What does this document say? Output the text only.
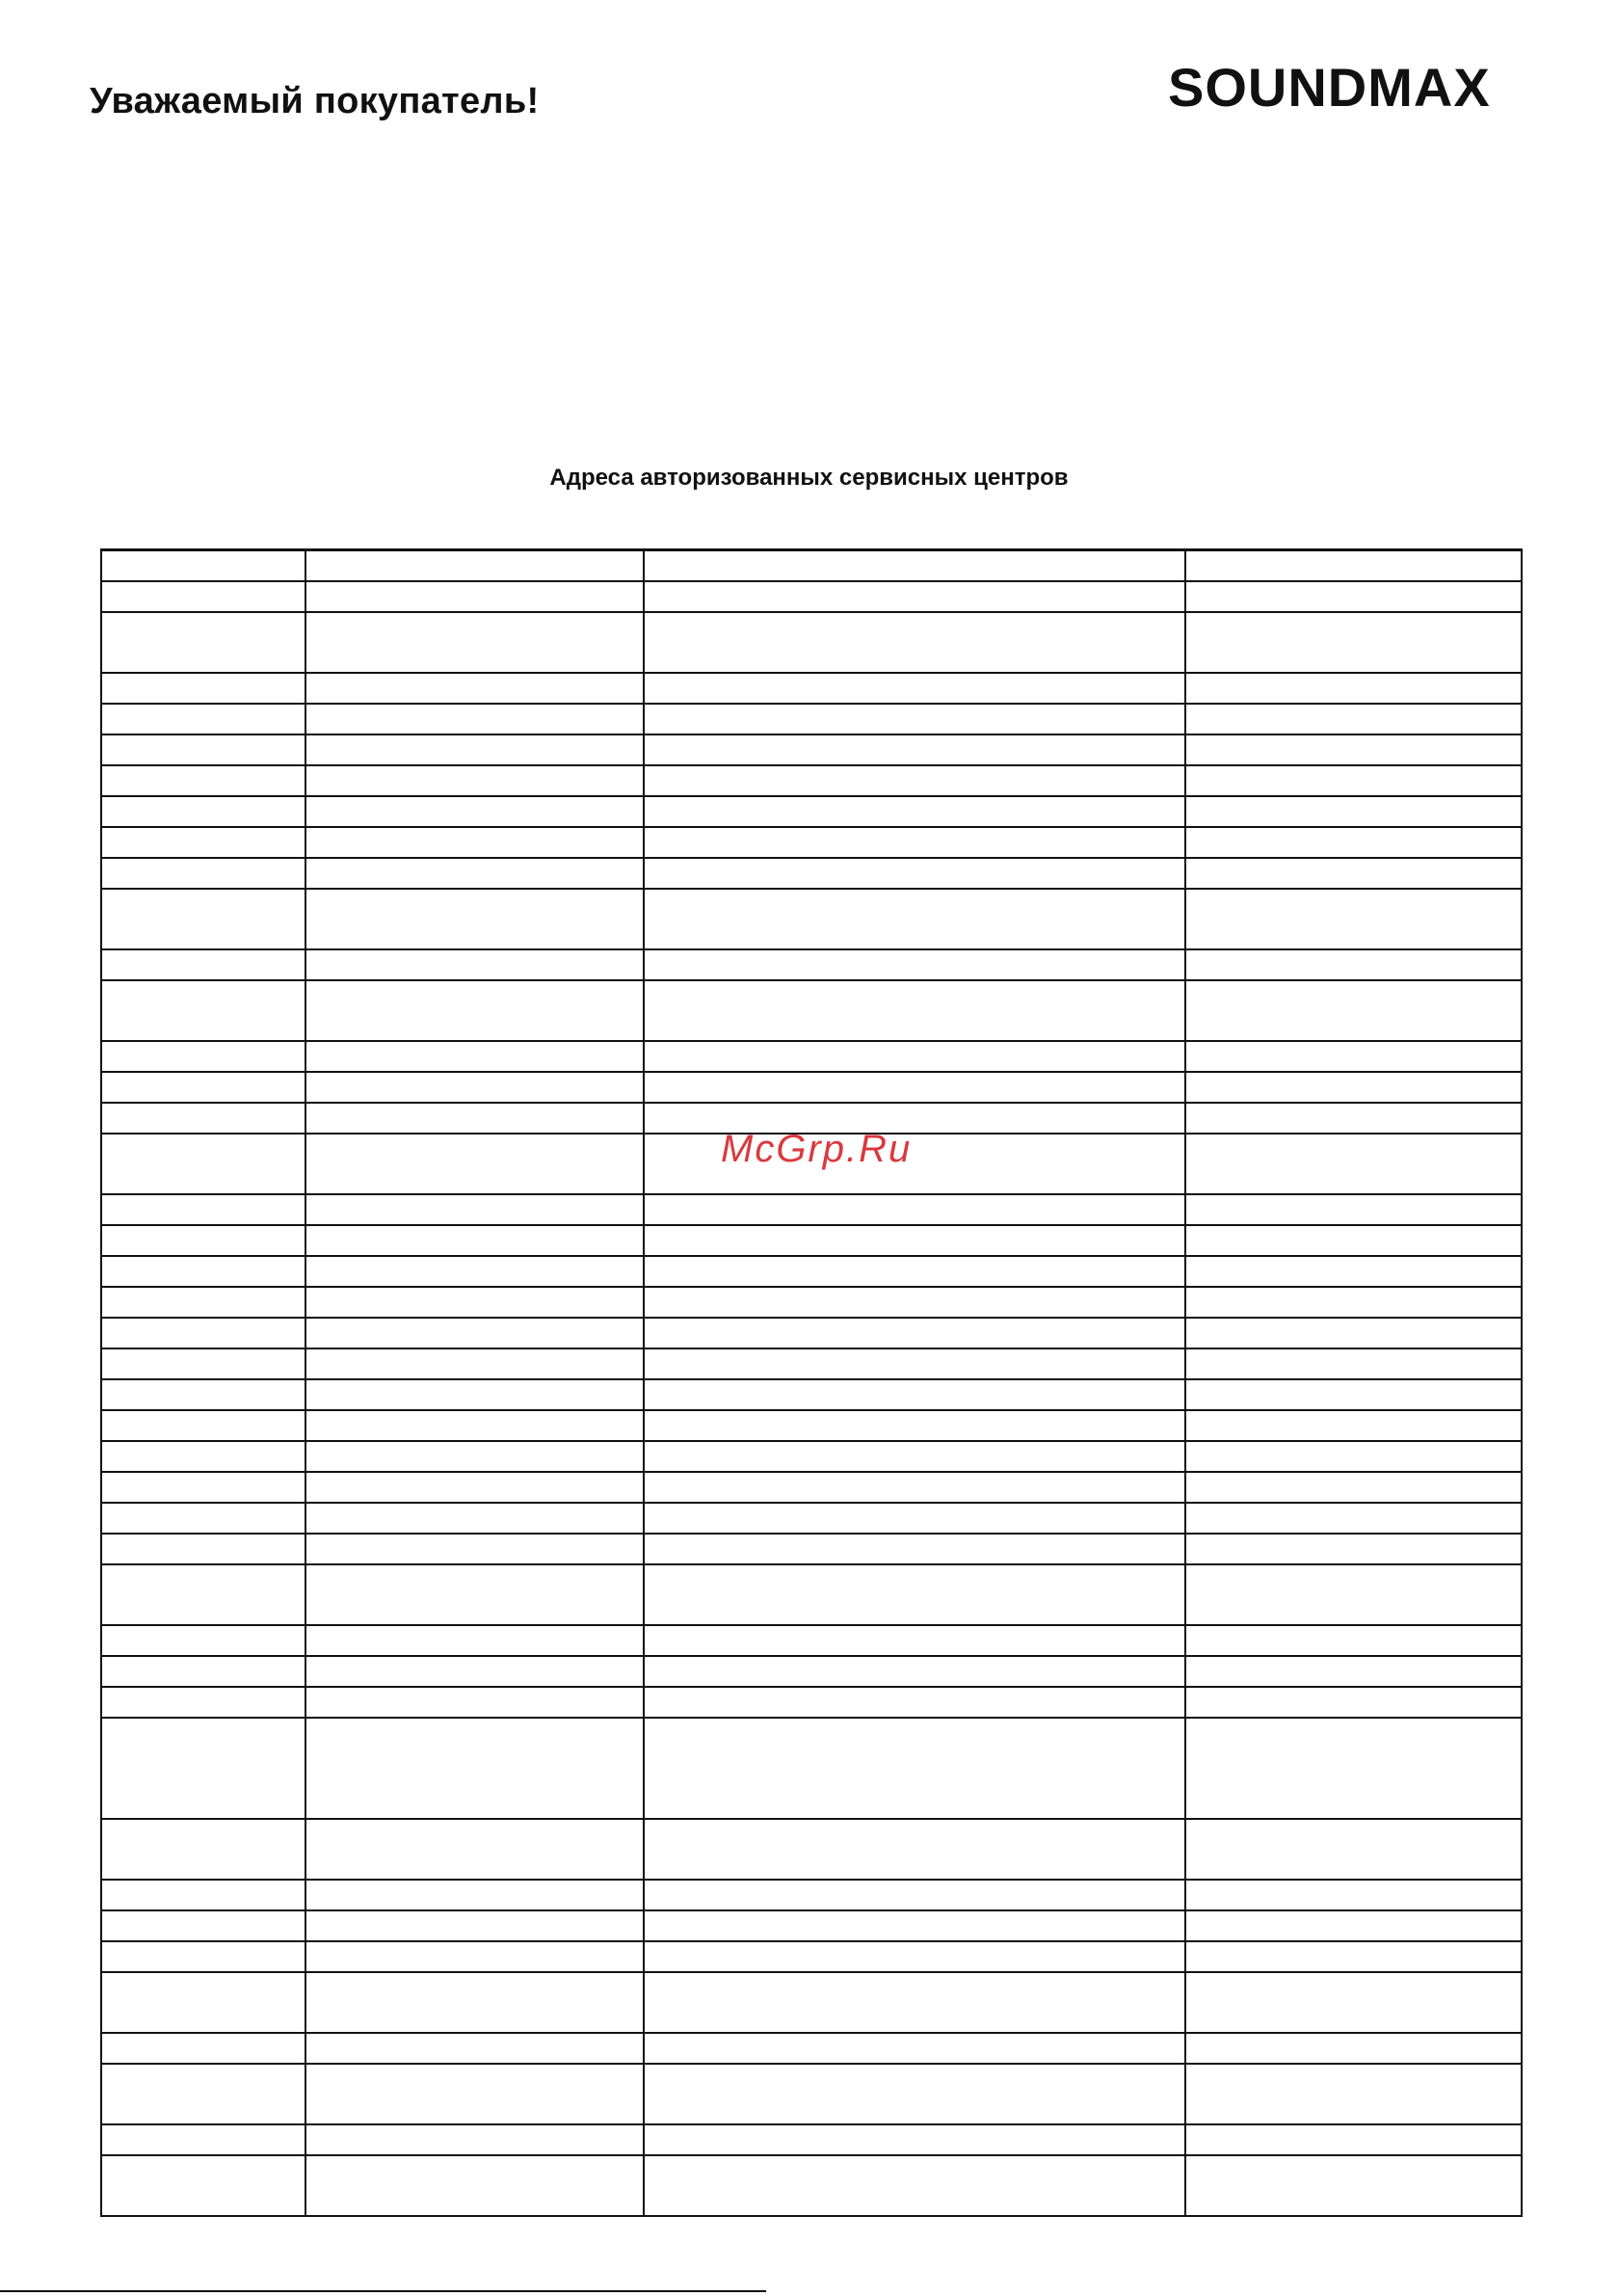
Уважаемый покупатель!	SOUNDMAX
Адреса авторизованных сервисных центров

McGrp.Ru
